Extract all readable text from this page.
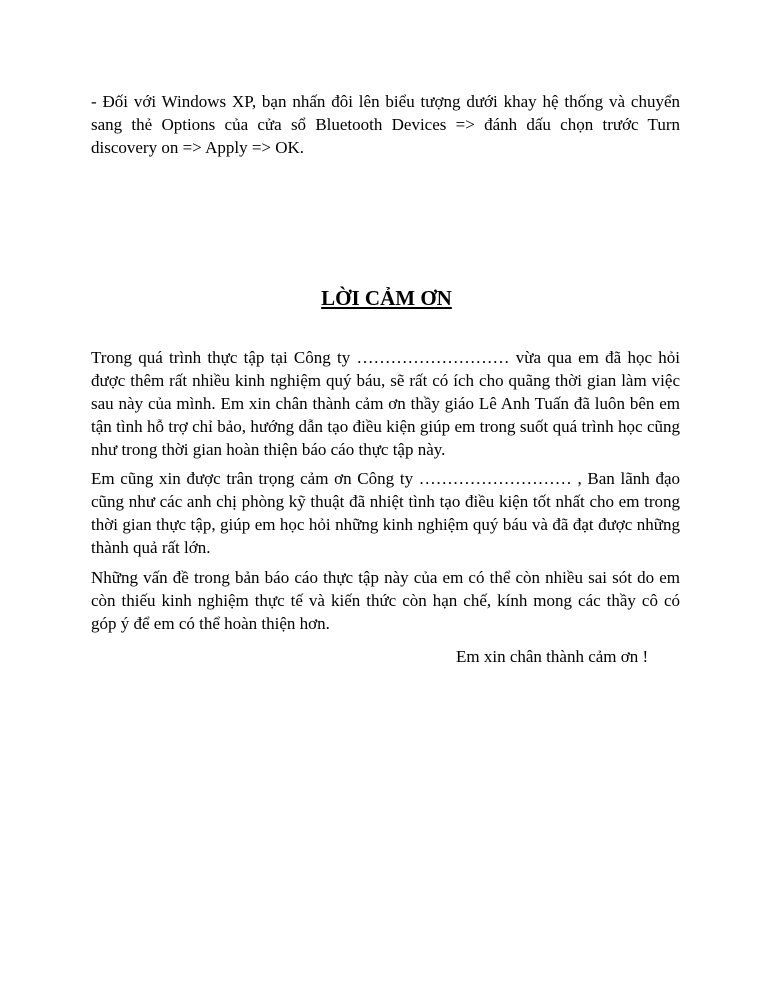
- Đối với Windows XP, bạn nhấn đôi lên biểu tượng dưới khay hệ thống và chuyển sang thẻ Options của cửa sổ Bluetooth Devices => đánh dấu chọn trước Turn discovery on => Apply => OK.

LỜI CẢM ƠN

Trong quá trình thực tập tại Công ty ……………………… vừa qua em đã học hỏi được thêm rất nhiều kinh nghiệm quý báu, sẽ rất có ích cho quãng thời gian làm việc sau này của mình. Em xin chân thành cảm ơn thầy giáo Lê Anh Tuấn đã luôn bên em tận tình hỗ trợ chỉ bảo, hướng dẫn tạo điều kiện giúp em trong suốt quá trình học cũng như trong thời gian hoàn thiện báo cáo thực tập này.

Em cũng xin được trân trọng cảm ơn Công ty ……………………… , Ban lãnh đạo cũng như các anh chị phòng kỹ thuật đã nhiệt tình tạo điều kiện tốt nhất cho em trong thời gian thực tập, giúp em học hỏi những kinh nghiệm quý báu và đã đạt được những thành quả rất lớn.

Những vấn đề trong bản báo cáo thực tập này của em có thể còn nhiều sai sót do em còn thiếu kinh nghiệm thực tế và kiến thức còn hạn chế, kính mong các thầy cô có góp ý để em có thể hoàn thiện hơn.

Em xin chân thành cảm ơn !
